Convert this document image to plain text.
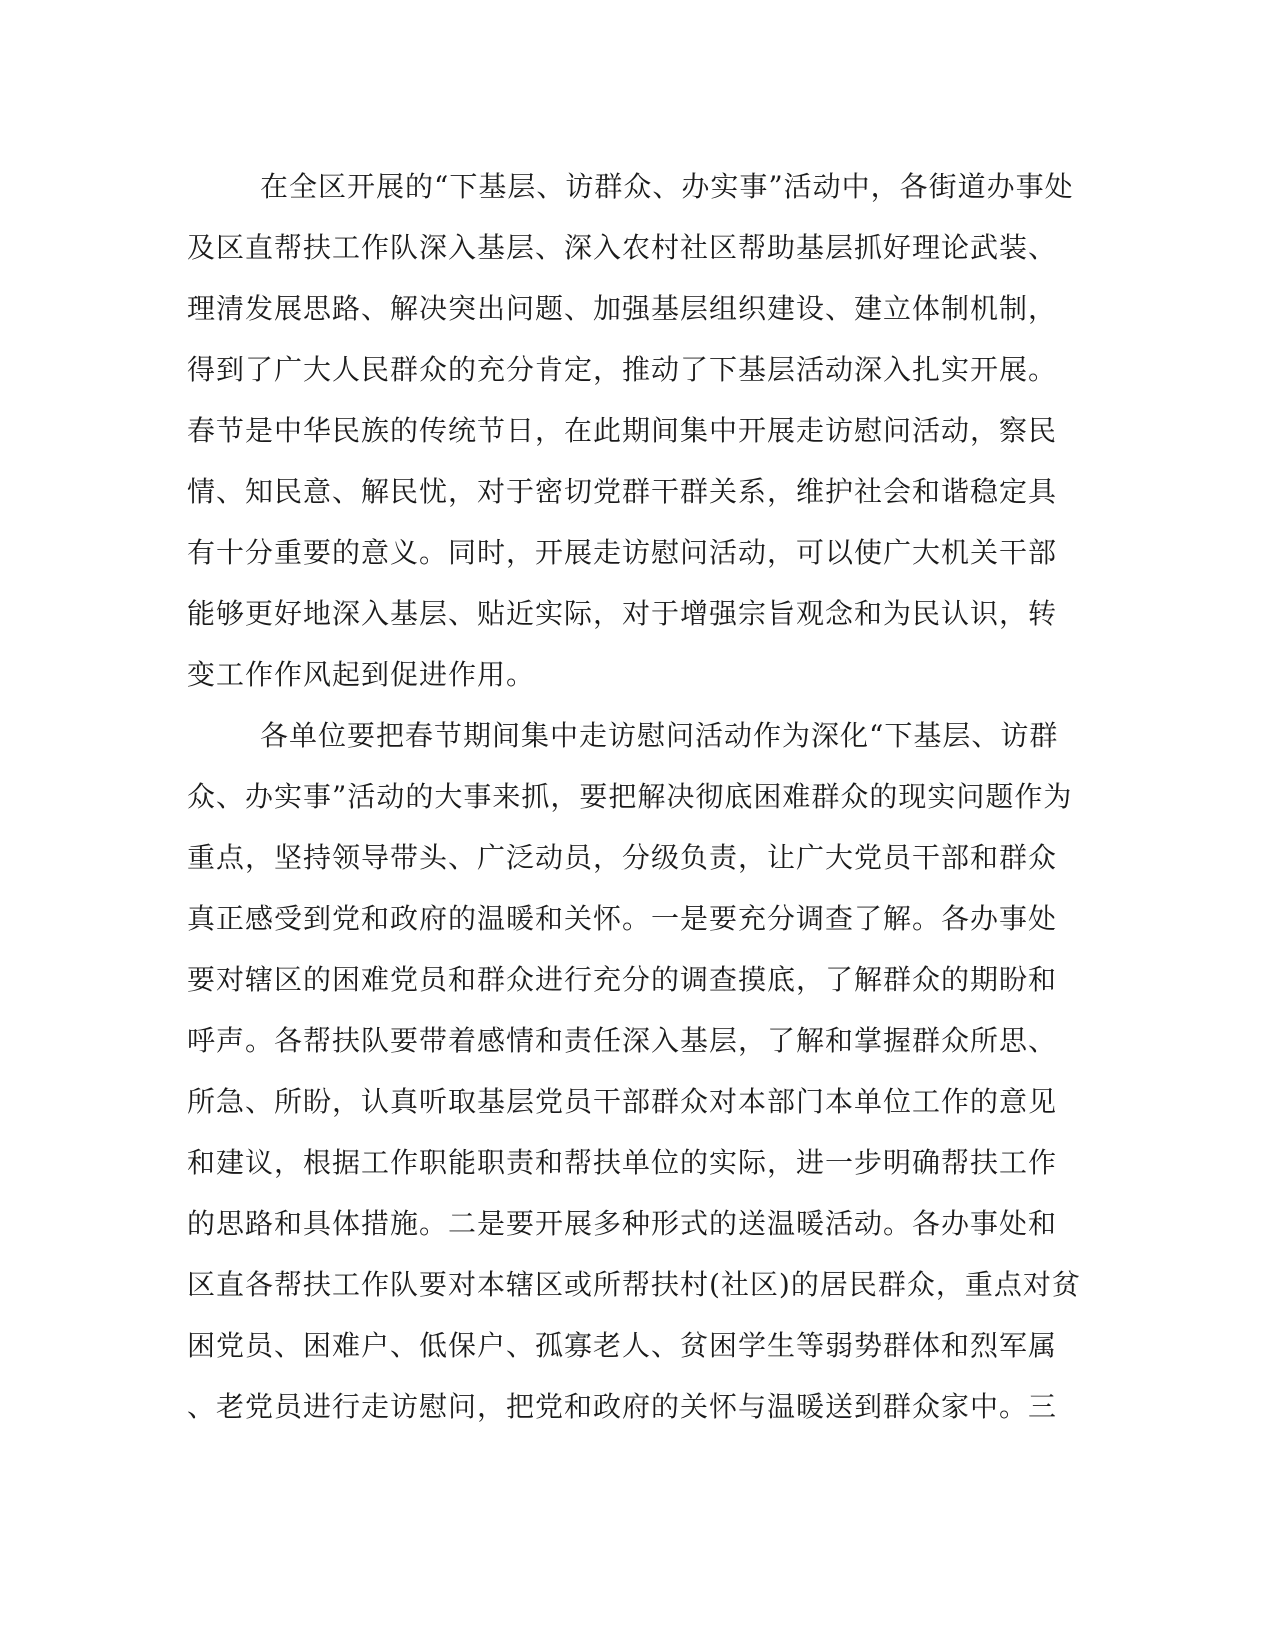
在全区开展的“下基层、访群众、办实事”活动中，各街道办事处
及区直帮扶工作队深入基层、深入农村社区帮助基层抓好理论武装、
理清发展思路、解决突出问题、加强基层组织建设、建立体制机制，
得到了广大人民群众的充分肯定，推动了下基层活动深入扎实开展。
春节是中华民族的传统节日，在此期间集中开展走访慰问活动，察民
情、知民意、解民忧，对于密切党群干群关系，维护社会和谐稳定具
有十分重要的意义。同时，开展走访慰问活动，可以使广大机关干部
能够更好地深入基层、贴近实际，对于增强宗旨观念和为民认识，转
变工作作风起到促进作用。
各单位要把春节期间集中走访慰问活动作为深化“下基层、访群
众、办实事”活动的大事来抓，要把解决彻底困难群众的现实问题作为
重点，坚持领导带头、广泛动员，分级负责，让广大党员干部和群众
真正感受到党和政府的温暖和关怀。一是要充分调查了解。各办事处
要对辖区的困难党员和群众进行充分的调查摸底，了解群众的期盼和
呼声。各帮扶队要带着感情和责任深入基层，了解和掌握群众所思、
所急、所盼，认真听取基层党员干部群众对本部门本单位工作的意见
和建议，根据工作职能职责和帮扶单位的实际，进一步明确帮扶工作
的思路和具体措施。二是要开展多种形式的送温暖活动。各办事处和
区直各帮扶工作队要对本辖区或所帮扶村(社区)的居民群众，重点对贫
困党员、困难户、低保户、孤寡老人、贫困学生等弱势群体和烈军属
、老党员进行走访慰问，把党和政府的关怀与温暖送到群众家中。三
